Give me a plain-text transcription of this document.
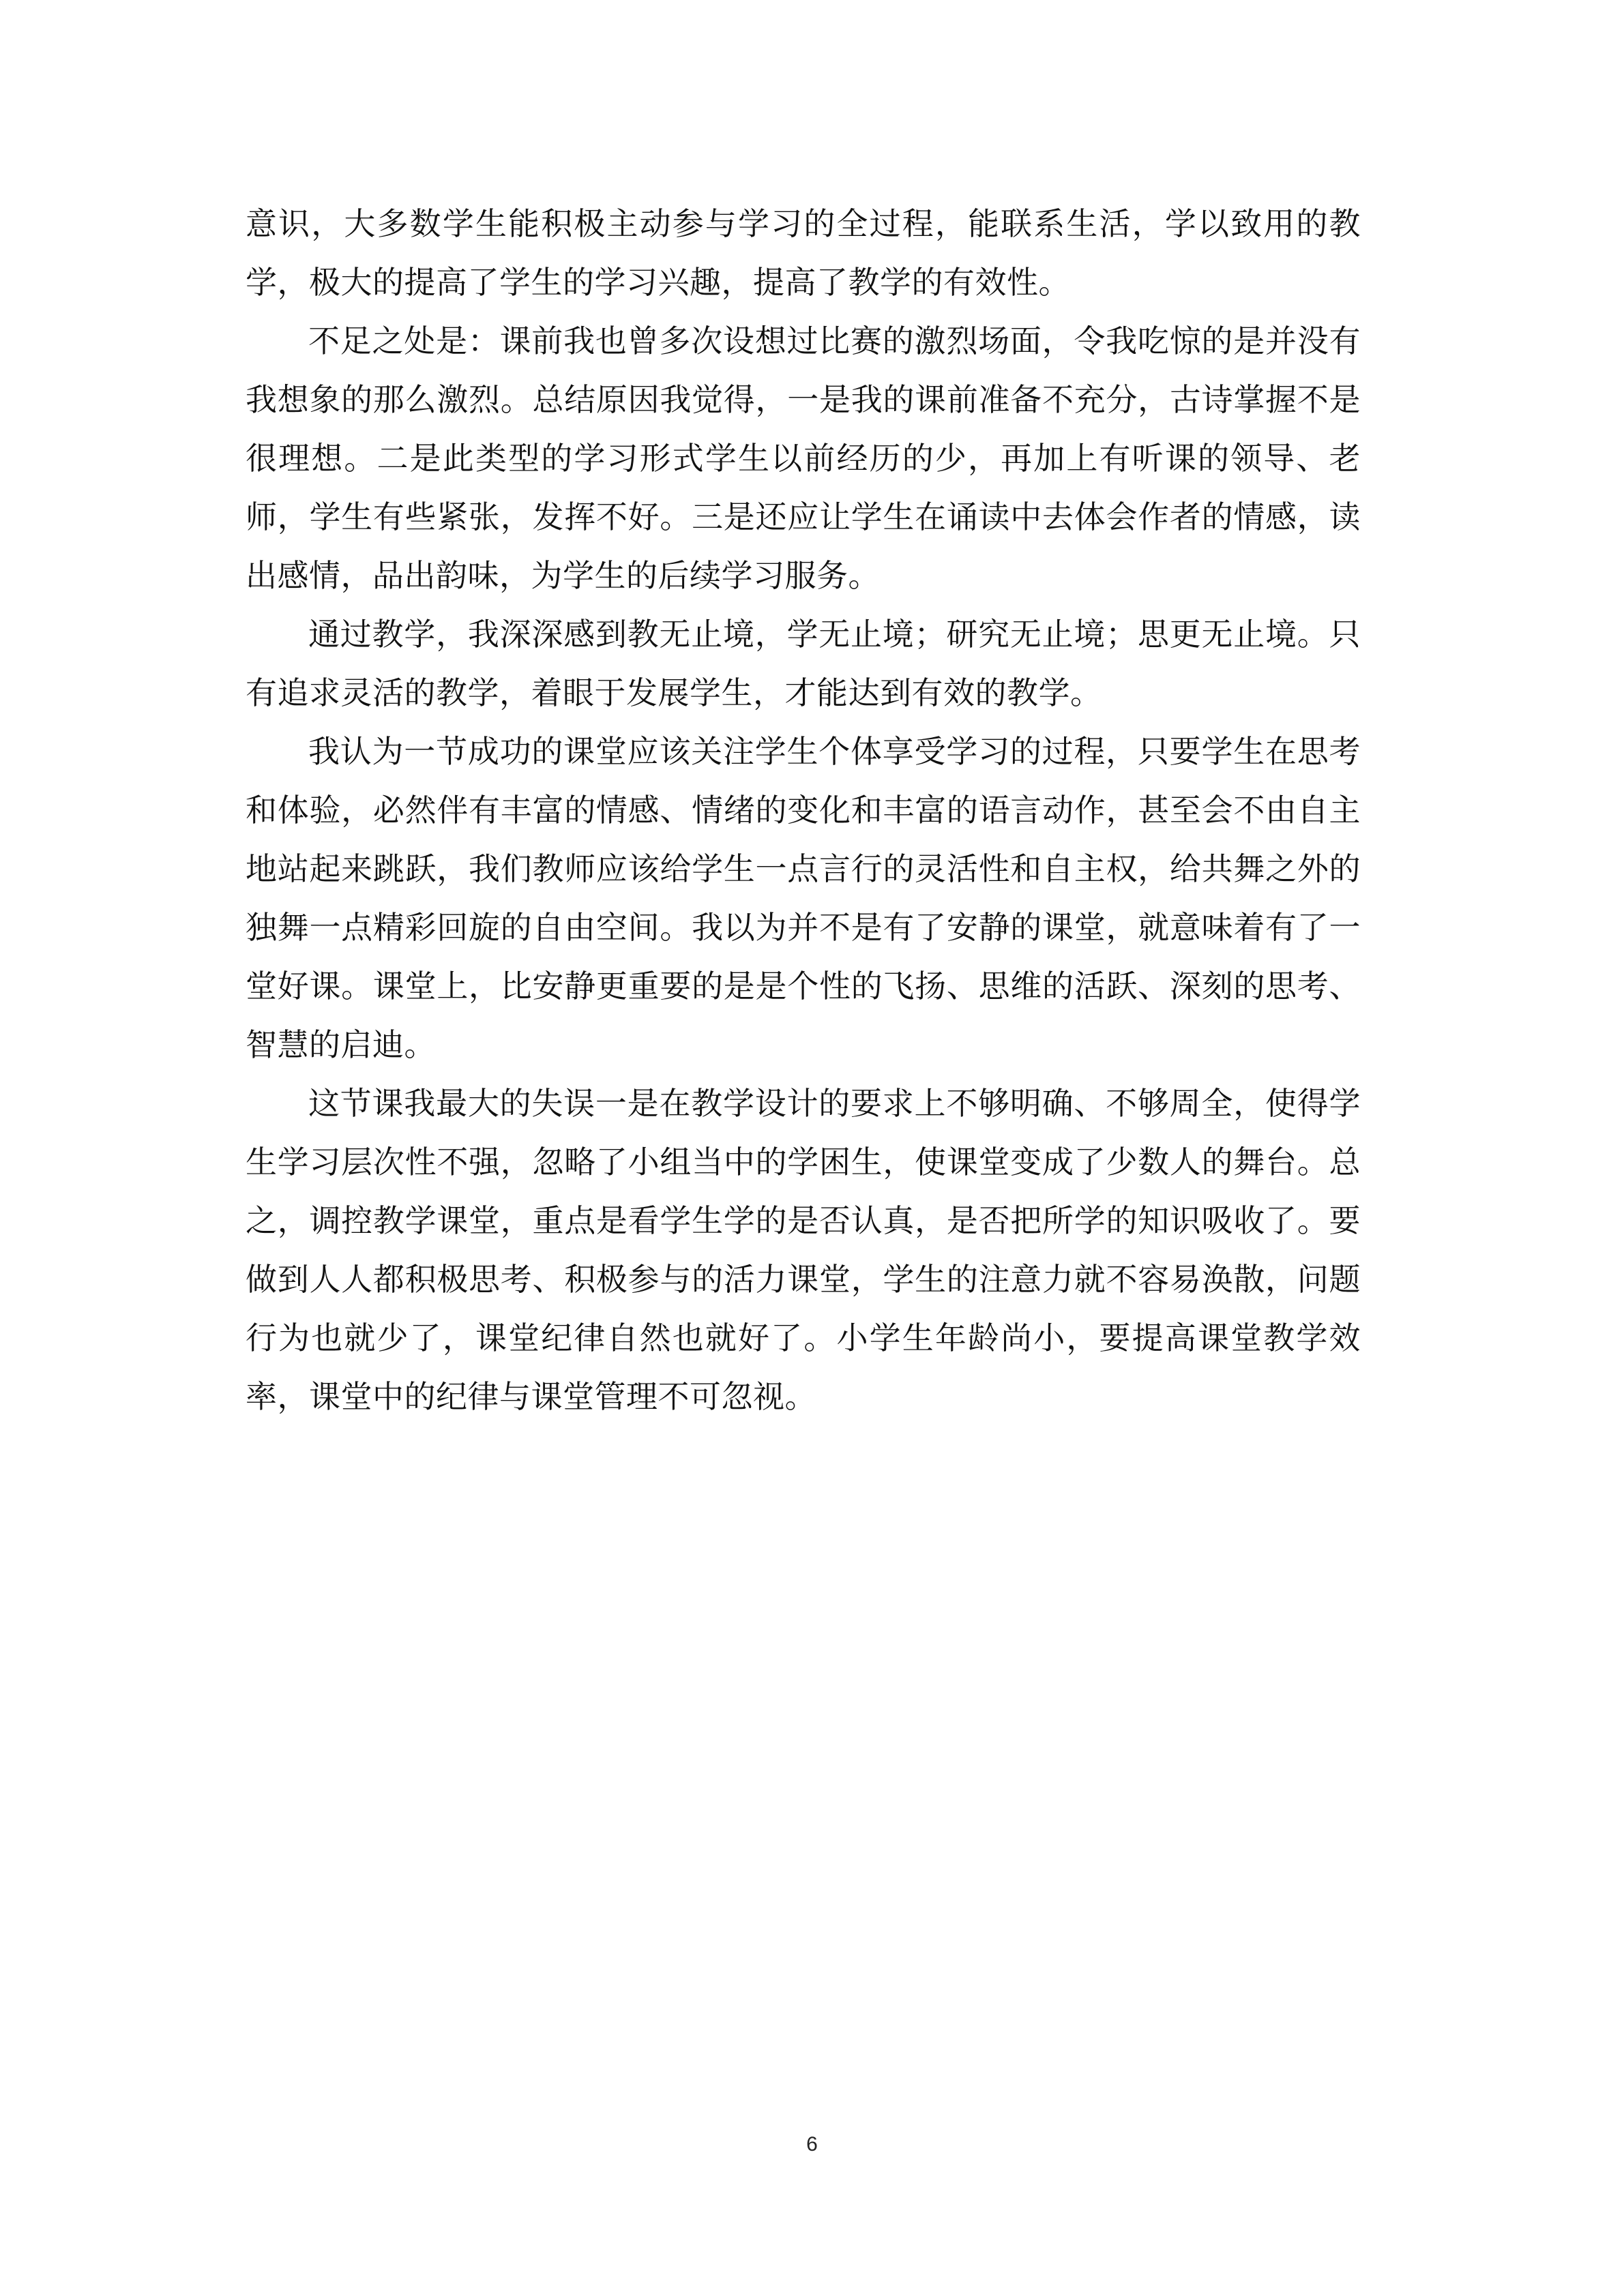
意识，大多数学生能积极主动参与学习的全过程，能联系生活，学以致用的教学，极大的提高了学生的学习兴趣，提高了教学的有效性。

不足之处是：课前我也曾多次设想过比赛的激烈场面，令我吃惊的是并没有我想象的那么激烈。总结原因我觉得，一是我的课前准备不充分，古诗掌握不是很理想。二是此类型的学习形式学生以前经历的少，再加上有听课的领导、老师，学生有些紧张，发挥不好。三是还应让学生在诵读中去体会作者的情感，读出感情，品出韵味，为学生的后续学习服务。

通过教学，我深深感到教无止境，学无止境；研究无止境；思更无止境。只有追求灵活的教学，着眼于发展学生，才能达到有效的教学。

我认为一节成功的课堂应该关注学生个体享受学习的过程，只要学生在思考和体验，必然伴有丰富的情感、情绪的变化和丰富的语言动作，甚至会不由自主地站起来跳跃，我们教师应该给学生一点言行的灵活性和自主权，给共舞之外的独舞一点精彩回旋的自由空间。我以为并不是有了安静的课堂，就意味着有了一堂好课。课堂上，比安静更重要的是是个性的飞扬、思维的活跃、深刻的思考、智慧的启迪。

这节课我最大的失误一是在教学设计的要求上不够明确、不够周全，使得学生学习层次性不强，忽略了小组当中的学困生，使课堂变成了少数人的舞台。总之，调控教学课堂，重点是看学生学的是否认真，是否把所学的知识吸收了。要做到人人都积极思考、积极参与的活力课堂，学生的注意力就不容易涣散，问题行为也就少了，课堂纪律自然也就好了。小学生年龄尚小，要提高课堂教学效率，课堂中的纪律与课堂管理不可忽视。

6
